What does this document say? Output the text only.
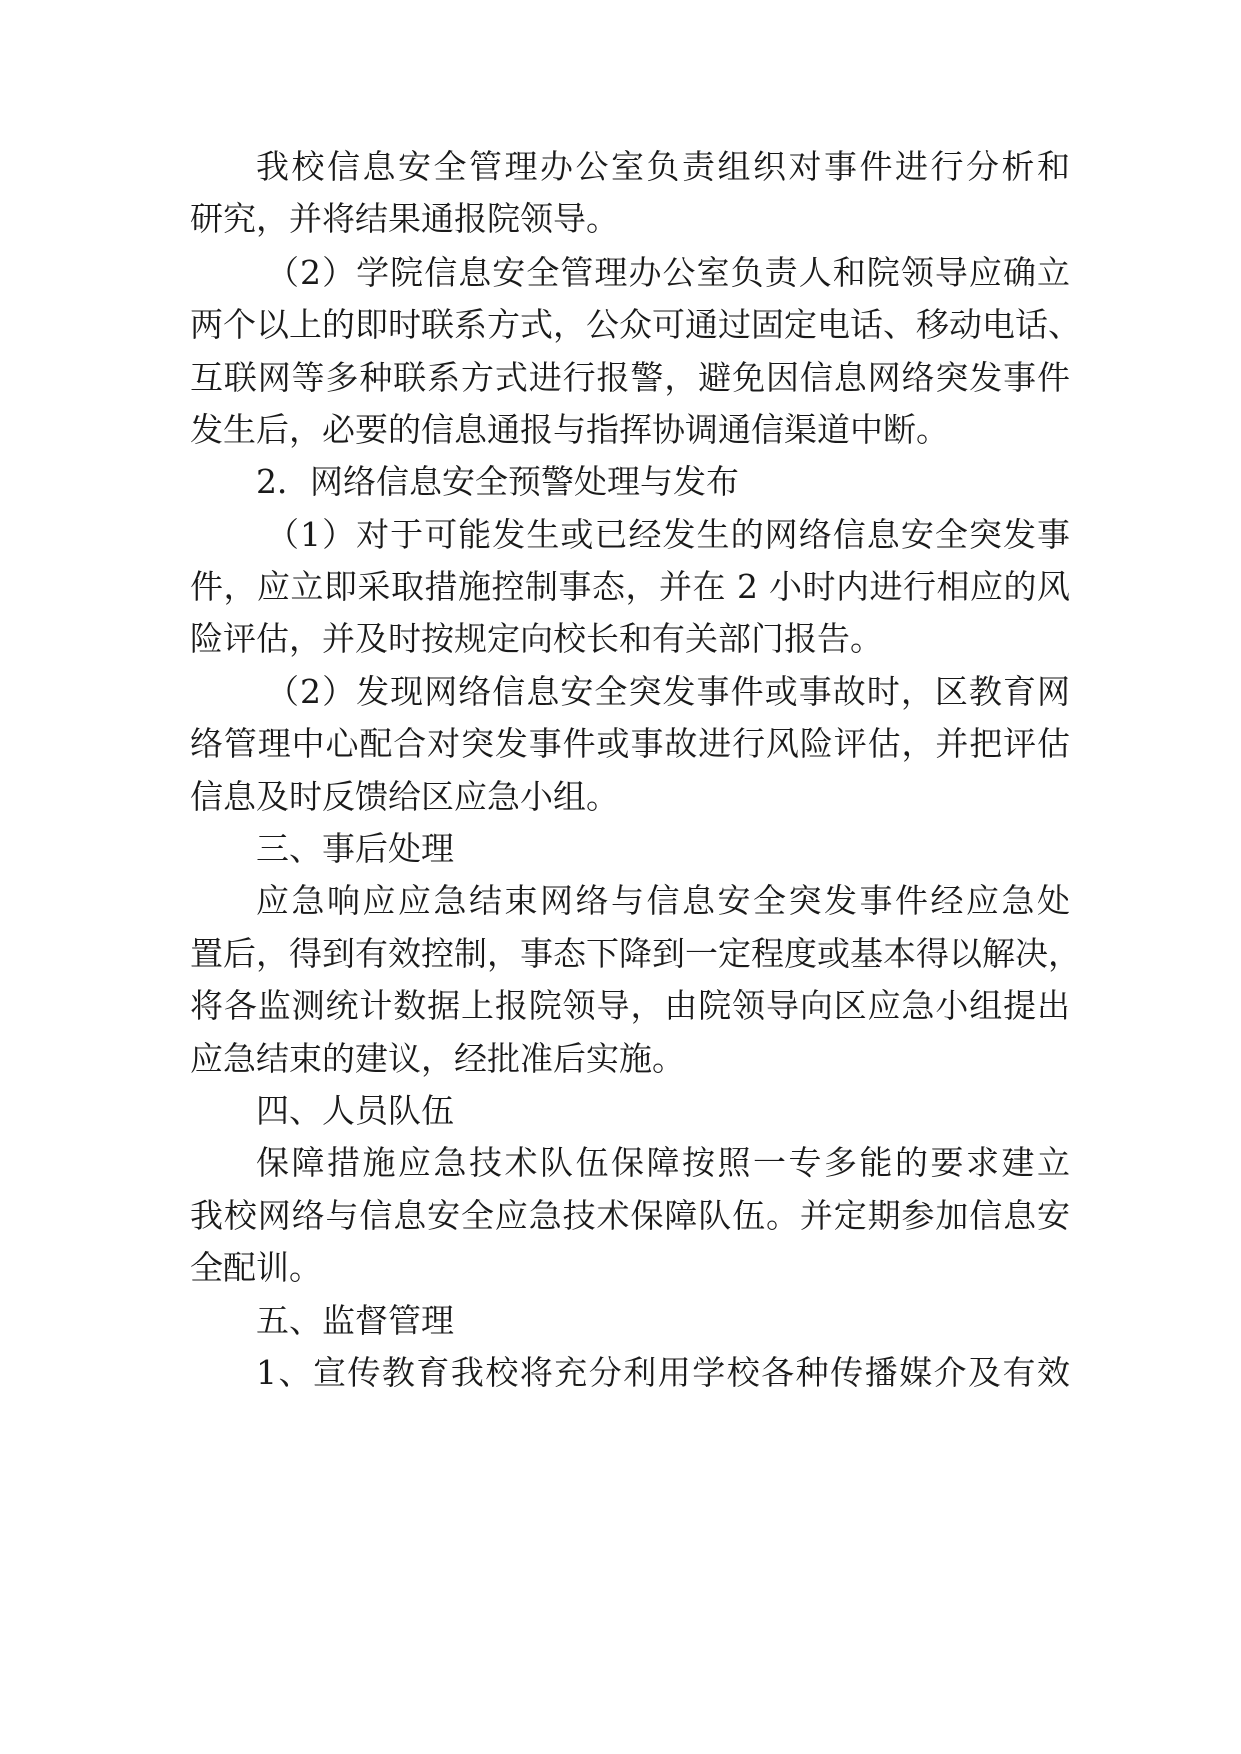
我校信息安全管理办公室负责组织对事件进行分析和
研究，并将结果通报院领导。
（2）学院信息安全管理办公室负责人和院领导应确立
两个以上的即时联系方式，公众可通过固定电话、移动电话、
互联网等多种联系方式进行报警，避免因信息网络突发事件
发生后，必要的信息通报与指挥协调通信渠道中断。
2．网络信息安全预警处理与发布
（1）对于可能发生或已经发生的网络信息安全突发事
件，应立即采取措施控制事态，并在 2 小时内进行相应的风
险评估，并及时按规定向校长和有关部门报告。
（2）发现网络信息安全突发事件或事故时，区教育网
络管理中心配合对突发事件或事故进行风险评估，并把评估
信息及时反馈给区应急小组。
三、事后处理
应急响应应急结束网络与信息安全突发事件经应急处
置后，得到有效控制，事态下降到一定程度或基本得以解决，
将各监测统计数据上报院领导，由院领导向区应急小组提出
应急结束的建议，经批准后实施。
四、人员队伍
保障措施应急技术队伍保障按照一专多能的要求建立
我校网络与信息安全应急技术保障队伍。并定期参加信息安
全配训。
五、监督管理
1、宣传教育我校将充分利用学校各种传播媒介及有效
